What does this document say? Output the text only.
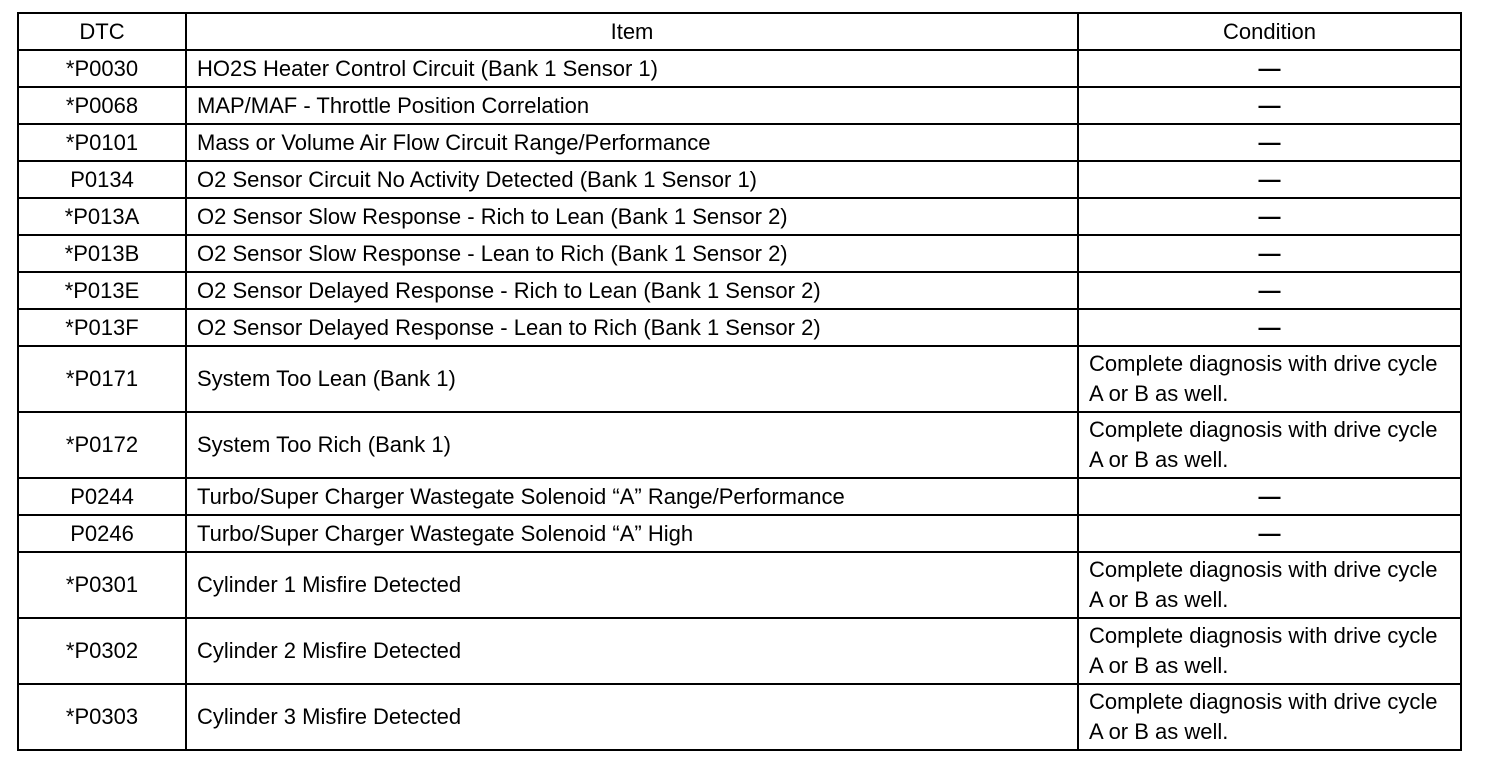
DTC	Item	Condition
*P0030	HO2S Heater Control Circuit (Bank 1 Sensor 1)	—
*P0068	MAP/MAF - Throttle Position Correlation	—
*P0101	Mass or Volume Air Flow Circuit Range/Performance	—
P0134	O2 Sensor Circuit No Activity Detected (Bank 1 Sensor 1)	—
*P013A	O2 Sensor Slow Response - Rich to Lean (Bank 1 Sensor 2)	—
*P013B	O2 Sensor Slow Response - Lean to Rich (Bank 1 Sensor 2)	—
*P013E	O2 Sensor Delayed Response - Rich to Lean (Bank 1 Sensor 2)	—
*P013F	O2 Sensor Delayed Response - Lean to Rich (Bank 1 Sensor 2)	—
*P0171	System Too Lean (Bank 1)	Complete diagnosis with drive cycle A or B as well.
*P0172	System Too Rich (Bank 1)	Complete diagnosis with drive cycle A or B as well.
P0244	Turbo/Super Charger Wastegate Solenoid “A” Range/Performance	—
P0246	Turbo/Super Charger Wastegate Solenoid “A” High	—
*P0301	Cylinder 1 Misfire Detected	Complete diagnosis with drive cycle A or B as well.
*P0302	Cylinder 2 Misfire Detected	Complete diagnosis with drive cycle A or B as well.
*P0303	Cylinder 3 Misfire Detected	Complete diagnosis with drive cycle A or B as well.
